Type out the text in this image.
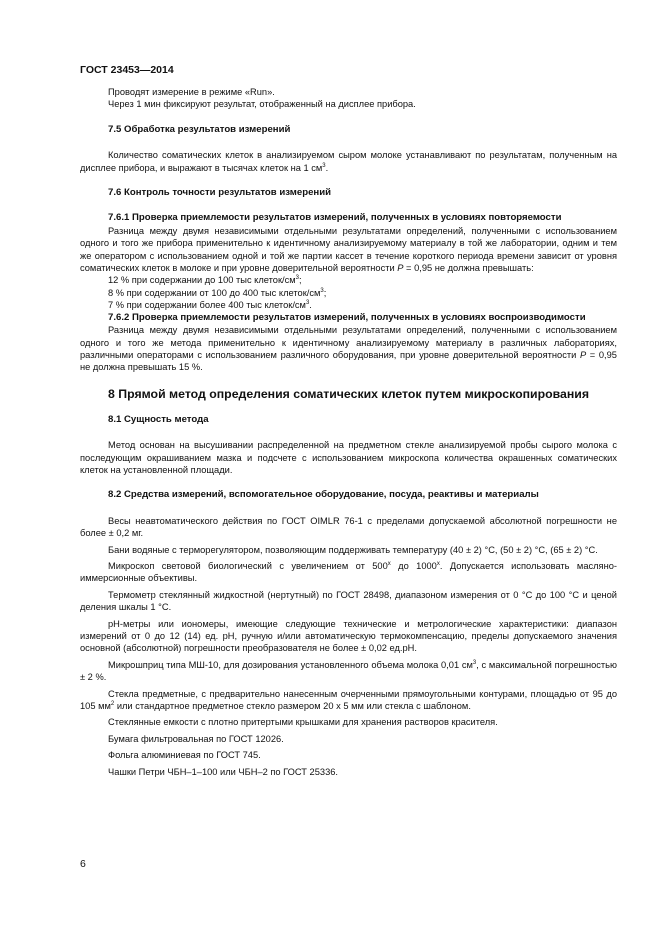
ГОСТ 23453—2014

Проводят измерение в режиме «Run».

Через 1 мин фиксируют результат, отображенный на дисплее прибора.

7.5 Обработка результатов измерений

Количество соматических клеток в анализируемом сыром молоке устанавливают по результатам, полученным на дисплее прибора, и выражают в тысячах клеток на 1 $см^3$.

7.6 Контроль точности результатов измерений

7.6.1 Проверка приемлемости результатов измерений, полученных в условиях повторяемости

Разница между двумя независимыми отдельными результатами определений, полученными с использованием одного и того же прибора применительно к идентичному анализируемому материалу в той же лаборатории, одним и тем же оператором с использованием одной и той же партии кассет в течение короткого периода времени зависит от уровня соматических клеток в молоке и при уровне доверительной вероятности P = 0,95 не должна превышать:

12 % при содержании до 100 тыс клеток/$см^3$;

8 % при содержании от 100 до 400 тыс клеток/$см^3$;

7 % при содержании более 400 тыс клеток/$см^3$.

7.6.2 Проверка приемлемости результатов измерений, полученных в условиях воспроизводимости

Разница между двумя независимыми отдельными результатами определений, полученными с использованием одного и того же метода применительно к идентичному анализируемому материалу в различных лабораториях, различными операторами с использованием различного оборудования, при уровне доверительной вероятности P = 0,95 не должна превышать 15 %.

8 Прямой метод определения соматических клеток путем микроскопирования

8.1 Сущность метода

Метод основан на высушивании распределенной на предметном стекле анализируемой пробы сырого молока с последующим окрашиванием мазка и подсчете с использованием микроскопа количества окрашенных соматических клеток на установленной площади.

8.2 Средства измерений, вспомогательное оборудование, посуда, реактивы и материалы

Весы неавтоматического действия по ГОСТ OIMLR 76-1 с пределами допускаемой абсолютной погрешности не более ± 0,2 мг.

Бани водяные с терморегулятором, позволяющим поддерживать температуру (40 ± 2) °С, (50 ± 2) °С, (65 ± 2) °С.

Микроскоп световой биологический с увеличением от 500$^x$ до 1000$^x$. Допускается использовать масляно-иммерсионные объективы.

Термометр стеклянный жидкостной (нертутный) по ГОСТ 28498, диапазоном измерения от 0 °С до 100 °С и ценой деления шкалы 1 °С.

рН-метры или иономеры, имеющие следующие технические и метрологические характеристики: диапазон измерений от 0 до 12 (14) ед. рН, ручную и/или автоматическую термокомпенсацию, пределы допускаемого значения основной (абсолютной) погрешности преобразователя не более ± 0,02 ед.рН.

Микрошприц типа МШ-10, для дозирования установленного объема молока 0,01 $см^3$, с максимальной погрешностью ± 2 %.

Стекла предметные, с предварительно нанесенным очерченными прямоугольными контурами, площадью от 95 до 105 $мм^2$ или стандартное предметное стекло размером 20 х 5 мм или стекла с шаблоном.

Стеклянные емкости с плотно притертыми крышками для хранения растворов красителя.

Бумага фильтровальная по ГОСТ 12026.

Фольга алюминиевая по ГОСТ 745.

Чашки Петри ЧБН–1–100 или ЧБН–2 по ГОСТ 25336.

6
